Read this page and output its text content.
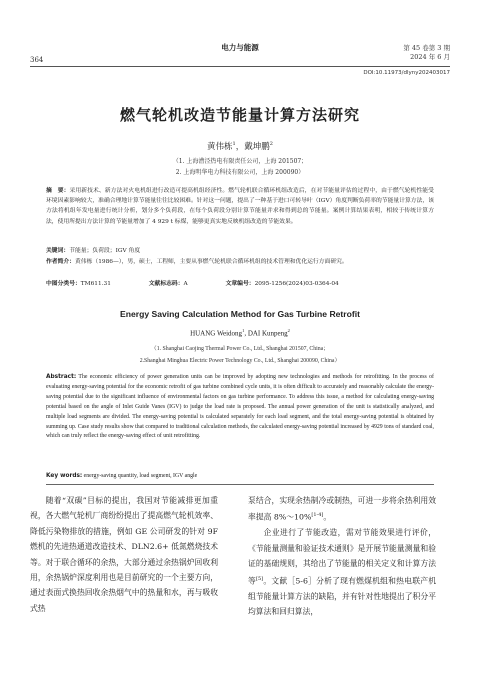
364
电力与能源	第 45 卷第 3 期
2024 年 6 月
DOI:10.11973/dlyny202403017
燃气轮机改造节能量计算方法研究
黄伟栋$^1$，戴坤鹏$^2$
（1. 上海漕泾热电有限责任公司，上海 201507；
2. 上海明华电力科技有限公司，上海 200090）
摘　要：采用新技术、新方法对火电机组进行改造可提高机组经济性。燃气轮机联合循环机组改造后，在对节能量评估的过程中，由于燃气轮机性能受环境因素影响较大，准确合理地计算节能量往往比较困难。针对这一问题，提出了一种基于进口可转导叶（IGV）角度判断负荷率的节能量计算方法，该方法将机组年发电量进行统计分析，划分多个负荷段，在每个负荷段分别计算节能量并求和得到总的节能量。案例计算结果表明，相较于传统计算方法，使用所提出方法计算的节能量增加了 4 929 t 标煤，能够更真实地反映机组改造的节能效果。
关键词：节能量；负荷段；IGV 角度
作者简介：黄伟栋（1986—），男，硕士，工程师，主要从事燃气轮机联合循环机组的技术管理和优化运行方面研究。
中图分类号：TM611.31	文献标志码：A	文章编号：2095-1256(2024)03-0364-04
Energy Saving Calculation Method for Gas Turbine Retrofit
HUANG Weidong$^1$, DAI Kunpeng$^2$
（1. Shanghai Caojing Thermal Power Co., Ltd., Shanghai 201507, China；
2.Shanghai Minghua Electric Power Technology Co., Ltd., Shanghai 200090, China）
Abstract: The economic efficiency of power generation units can be improved by adopting new technologies and methods for retrofitting. In the process of evaluating energy-saving potential for the economic retrofit of gas turbine combined cycle units, it is often difficult to accurately and reasonably calculate the energy-saving potential due to the significant influence of environmental factors on gas turbine performance. To address this issue, a method for calculating energy-saving potential based on the angle of Inlet Guide Vanes (IGV) to judge the load rate is proposed. The annual power generation of the unit is statistically analyzed, and multiple load segments are divided. The energy-saving potential is calculated separately for each load segment, and the total energy-saving potential is obtained by summing up. Case study results show that compared to traditional calculation methods, the calculated energy-saving potential increased by 4929 tons of standard coal, which can truly reflect the energy-saving effect of unit retrofitting.
Key words: energy-saving quantity, load segment, IGV angle

随着“双碳”目标的提出，我国对节能减排更加重视，各大燃气轮机厂商纷纷提出了提高燃气轮机效率、降低污染物排放的措施，例如 GE 公司研发的针对 9F 燃机的先进热通道改造技术、DLN2.6+ 低氮燃烧技术等。对于联合循环的余热，大部分通过余热锅炉回收利用，余热锅炉深度利用也是目前研究的一个主要方向，通过表面式换热回收余热烟气中的热量和水，再与吸收式热

泵结合，实现余热制冷或制热，可进一步将余热利用效率提高 8%～10%[1-4]。

企业进行了节能改造，需对节能效果进行评价，《节能量测量和验证技术通则》是开展节能量测量和验证的基础规则，其给出了节能量的相关定义和计算方法等[5]。文献［5-6］分析了现有燃煤机组和热电联产机组节能量计算方法的缺陷，并有针对性地提出了积分平均算法和回归算法，
